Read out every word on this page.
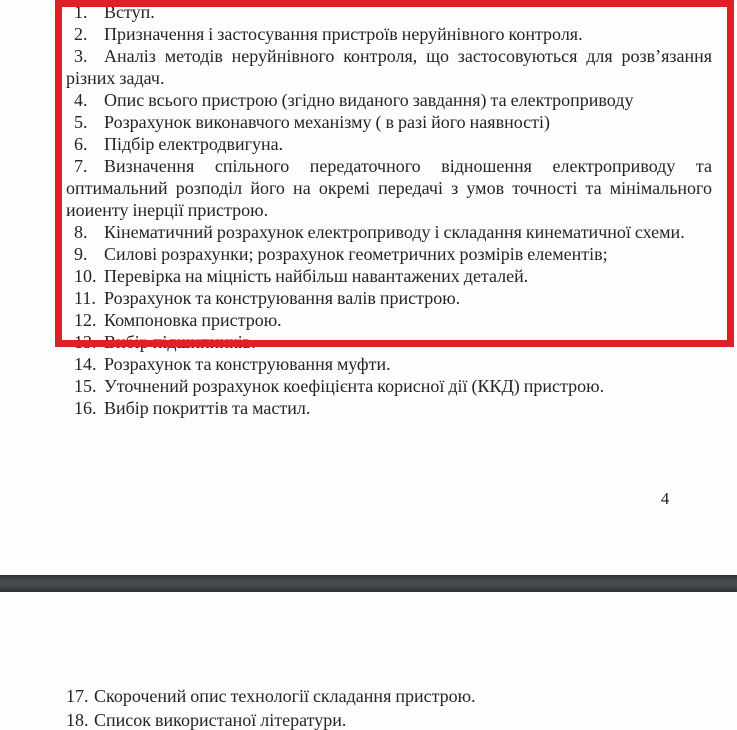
1. Вступ.

2. Призначення і застосування пристроїв неруйнівного контроля.

3. Аналіз методів неруйнівного контроля, що застосовуються для розв’язання різних задач.

4. Опис всього пристрою (згідно виданого завдання) та електроприводу

5. Розрахунок виконавчого механізму ( в разі його наявності)

6. Підбір електродвигуна.

7. Визначення спільного передаточного відношення електроприводу та оптимальний розподіл його на окремі передачі з умов точності та мінімального иоиенту інерції пристрою.

8. Кінематичний розрахунок електроприводу і складання кинематичної схеми.

9. Силові розрахунки; розрахунок геометричних розмірів елементів;

10. Перевірка на міцність найбільш навантажених деталей.

11. Розрахунок та конструювання валів пристрою.

12. Компоновка пристрою.

13. Вибір підшипників.

14. Розрахунок та конструювання муфти.

15. Уточнений розрахунок коефіцієнта корисної дії (ККД) пристрою.

16. Вибір покриттів та мастил.

4

17. Скорочений опис технології складання пристрою.

18. Список використаної літератури.
